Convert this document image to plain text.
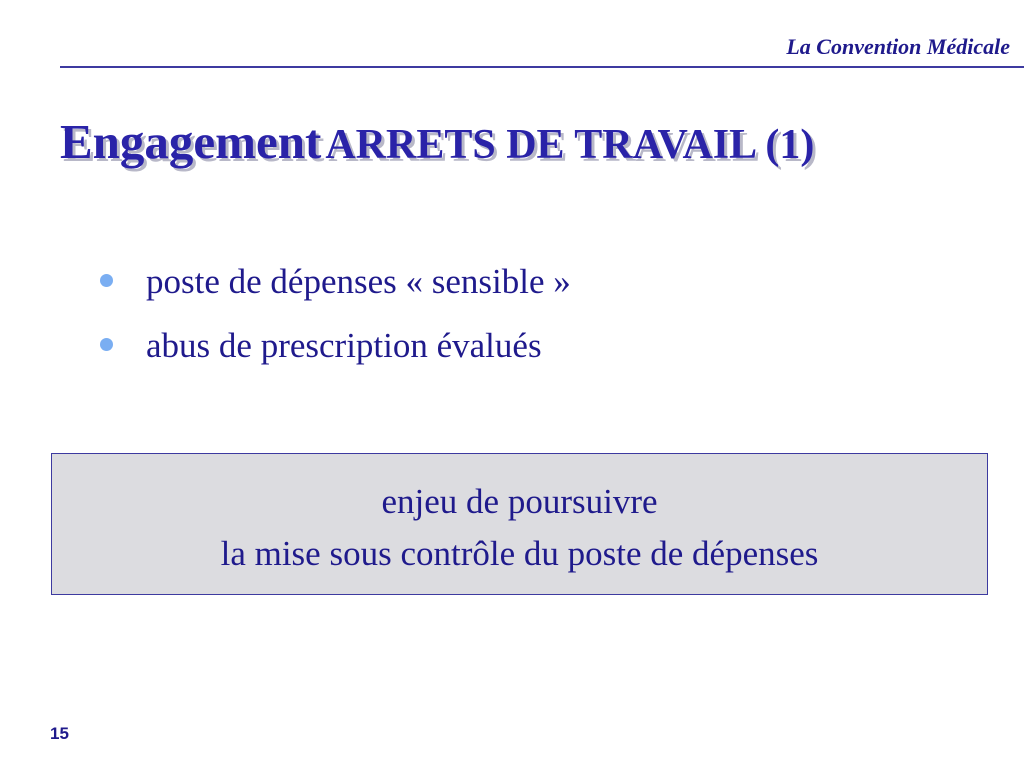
La Convention Médicale
Engagement ARRETS DE TRAVAIL (1)
poste de dépenses « sensible »
abus de prescription évalués
enjeu de poursuivre
la mise sous contrôle du poste de dépenses
15
